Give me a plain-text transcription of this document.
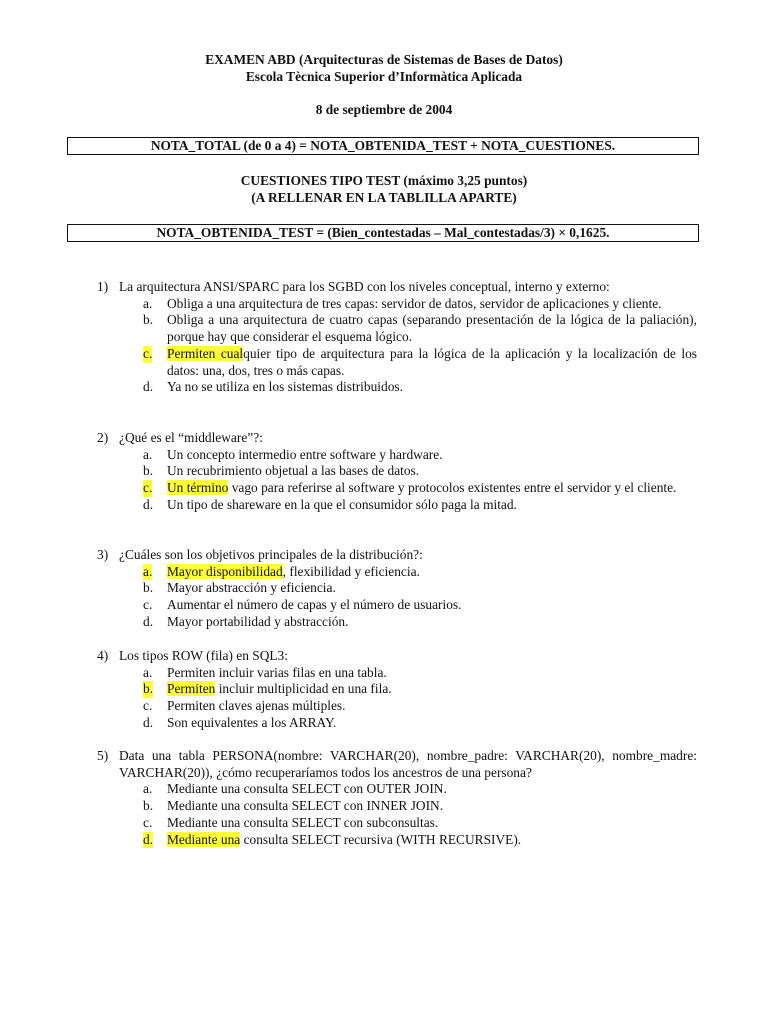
EXAMEN ABD (Arquitecturas de Sistemas de Bases de Datos)
Escola Tècnica Superior d’Informàtica Aplicada
8 de septiembre de 2004
NOTA_TOTAL (de 0 a 4) = NOTA_OBTENIDA_TEST + NOTA_CUESTIONES.
CUESTIONES TIPO TEST (máximo 3,25 puntos)
(A RELLENAR EN LA TABLILLA APARTE)
NOTA_OBTENIDA_TEST = (Bien_contestadas – Mal_contestadas/3) × 0,1625.
1) La arquitectura ANSI/SPARC para los SGBD con los niveles conceptual, interno y externo:
a. Obliga a una arquitectura de tres capas: servidor de datos, servidor de aplicaciones y cliente.
b. Obliga a una arquitectura de cuatro capas (separando presentación de la lógica de la paliación), porque hay que considerar el esquema lógico.
c. Permiten cualquier tipo de arquitectura para la lógica de la aplicación y la localización de los datos: una, dos, tres o más capas.
d. Ya no se utiliza en los sistemas distribuidos.
2) ¿Qué es el “middleware”?:
a. Un concepto intermedio entre software y hardware.
b. Un recubrimiento objetual a las bases de datos.
c. Un término vago para referirse al software y protocolos existentes entre el servidor y el cliente.
d. Un tipo de shareware en la que el consumidor sólo paga la mitad.
3) ¿Cuáles son los objetivos principales de la distribución?:
a. Mayor disponibilidad, flexibilidad y eficiencia.
b. Mayor abstracción y eficiencia.
c. Aumentar el número de capas y el número de usuarios.
d. Mayor portabilidad y abstracción.
4) Los tipos ROW (fila) en SQL3:
a. Permiten incluir varias filas en una tabla.
b. Permiten incluir multiplicidad en una fila.
c. Permiten claves ajenas múltiples.
d. Son equivalentes a los ARRAY.
5) Data una tabla PERSONA(nombre: VARCHAR(20), nombre_padre: VARCHAR(20), nombre_madre: VARCHAR(20)), ¿cómo recuperaríamos todos los ancestros de una persona?
a. Mediante una consulta SELECT con OUTER JOIN.
b. Mediante una consulta SELECT con INNER JOIN.
c. Mediante una consulta SELECT con subconsultas.
d. Mediante una consulta SELECT recursiva (WITH RECURSIVE).
